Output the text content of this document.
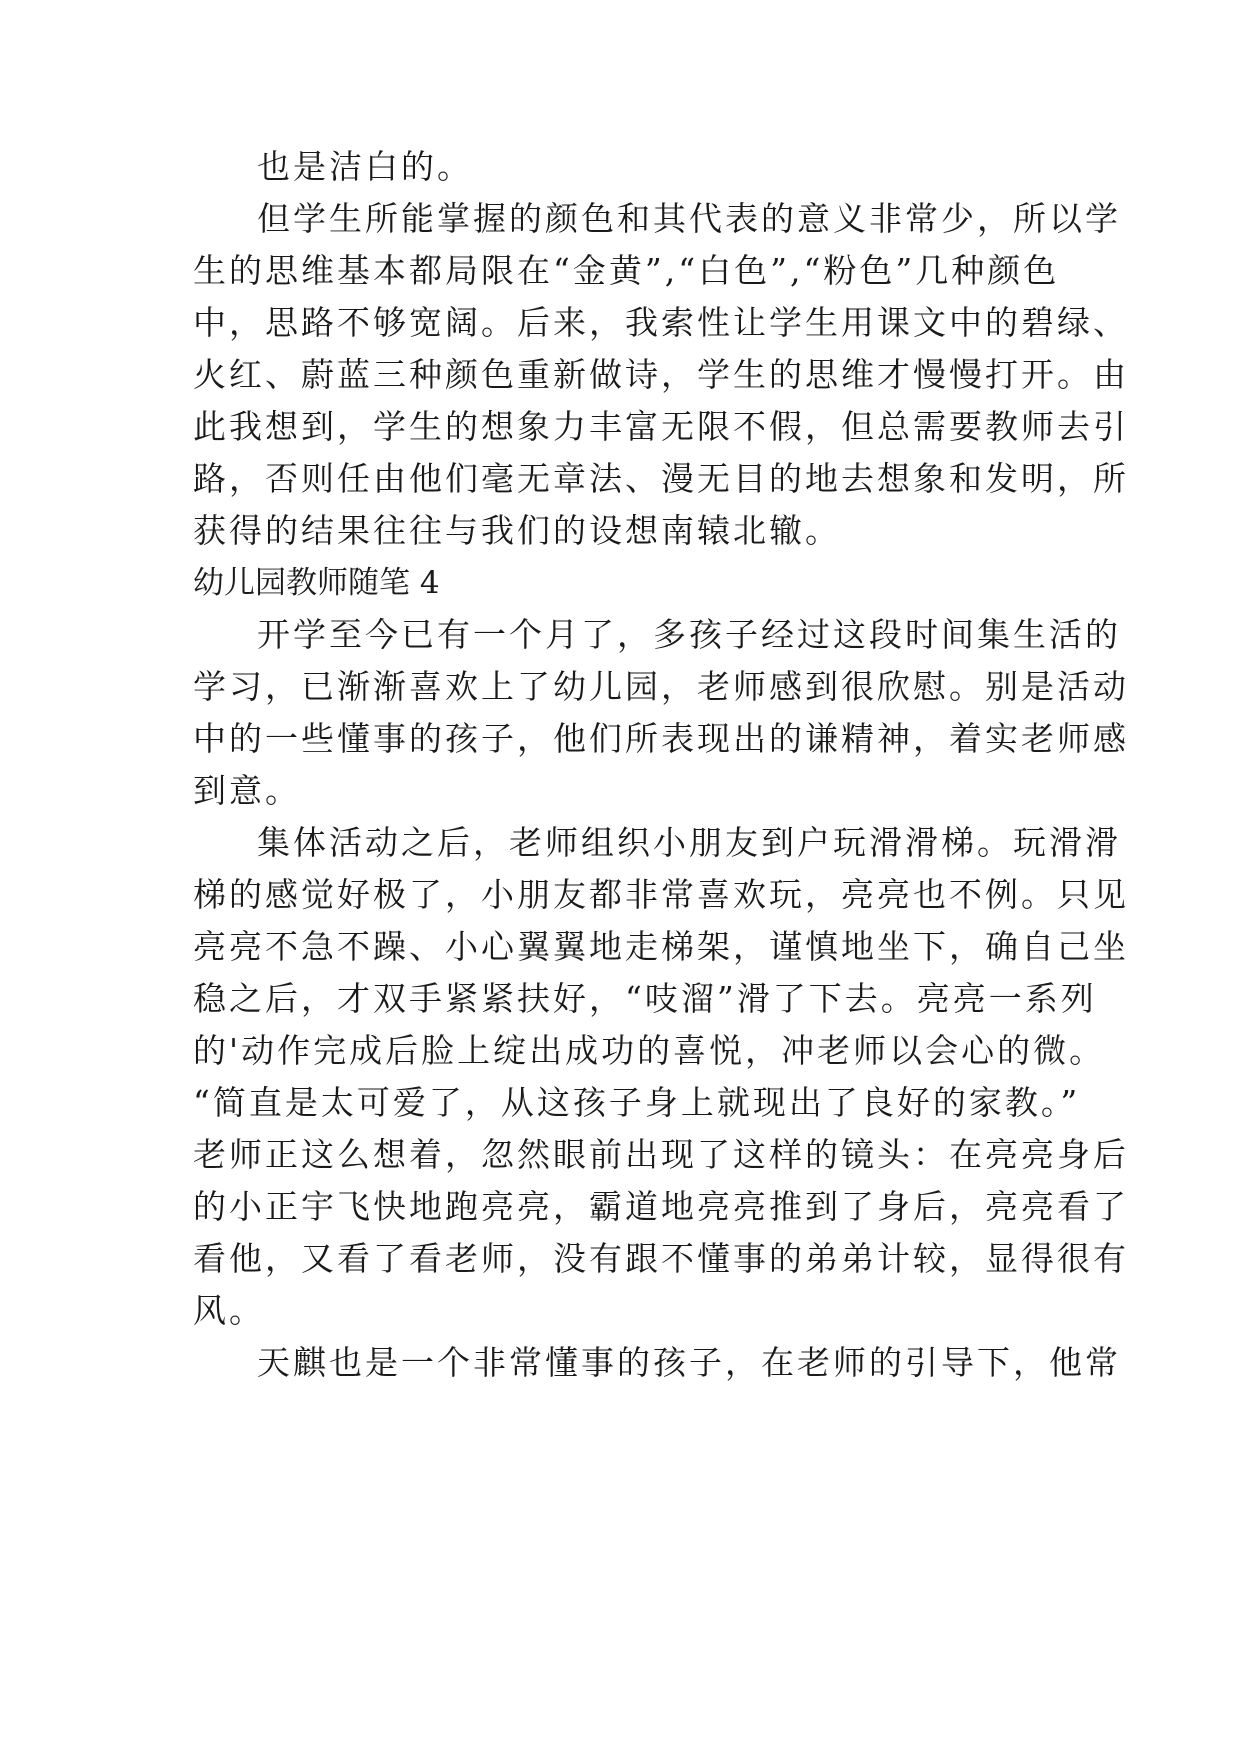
也是洁白的。
但学生所能掌握的颜色和其代表的意义非常少，所以学
生的思维基本都局限在“金黄”,“白色”,“粉色”几种颜色
中，思路不够宽阔。后来，我索性让学生用课文中的碧绿、
火红、蔚蓝三种颜色重新做诗，学生的思维才慢慢打开。由
此我想到，学生的想象力丰富无限不假，但总需要教师去引
路，否则任由他们毫无章法、漫无目的地去想象和发明，所
获得的结果往往与我们的设想南辕北辙。
幼儿园教师随笔 4
开学至今已有一个月了，多孩子经过这段时间集生活的
学习，已渐渐喜欢上了幼儿园，老师感到很欣慰。别是活动
中的一些懂事的孩子，他们所表现出的谦精神，着实老师感
到意。
集体活动之后，老师组织小朋友到户玩滑滑梯。玩滑滑
梯的感觉好极了，小朋友都非常喜欢玩，亮亮也不例。只见
亮亮不急不躁、小心翼翼地走梯架，谨慎地坐下，确自己坐
稳之后，才双手紧紧扶好，“吱溜”滑了下去。亮亮一系列
的'动作完成后脸上绽出成功的喜悦，冲老师以会心的微。
“简直是太可爱了，从这孩子身上就现出了良好的家教。”
老师正这么想着，忽然眼前出现了这样的镜头：在亮亮身后
的小正宇飞快地跑亮亮，霸道地亮亮推到了身后，亮亮看了
看他，又看了看老师，没有跟不懂事的弟弟计较，显得很有
风。
天麒也是一个非常懂事的孩子，在老师的引导下，他常
